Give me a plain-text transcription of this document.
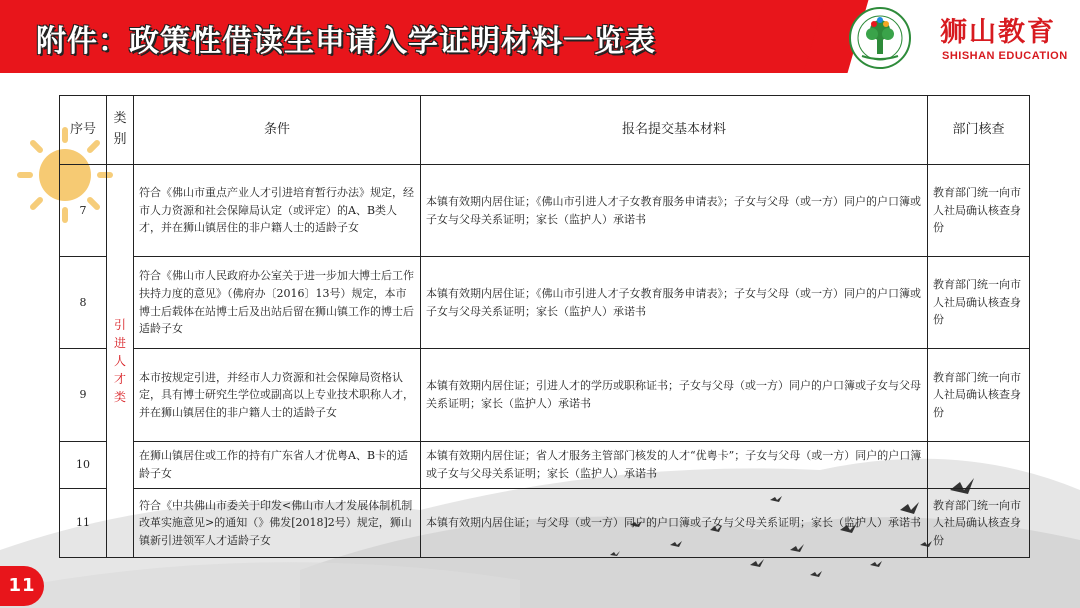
附件：政策性借读生申请入学证明材料一览表	狮山教育
SHISHAN EDUCATION
序号	类别	条件	报名提交基本材料	部门核查
7	引进人才类	符合《佛山市重点产业人才引进培育暂行办法》规定，经市人力资源和社会保障局认定（或评定）的A、B类人才，并在狮山镇居住的非户籍人士的适龄子女	本镇有效期内居住证；《佛山市引进人才子女教育服务申请表》；子女与父母（或一方）同户的户口簿或子女与父母关系证明；家长（监护人）承诺书	教育部门统一向市人社局确认核查身份
8		符合《佛山市人民政府办公室关于进一步加大博士后工作扶持力度的意见》（佛府办〔2016〕13号）规定，本市博士后载体在站博士后及出站后留在狮山镇工作的博士后适龄子女	本镇有效期内居住证；《佛山市引进人才子女教育服务申请表》；子女与父母（或一方）同户的户口簿或子女与父母关系证明；家长（监护人）承诺书	教育部门统一向市人社局确认核查身份
9		本市按规定引进，并经市人力资源和社会保障局资格认定，具有博士研究生学位或副高以上专业技术职称人才，并在狮山镇居住的非户籍人士的适龄子女	本镇有效期内居住证；引进人才的学历或职称证书；子女与父母（或一方）同户的户口簿或子女与父母关系证明；家长（监护人）承诺书	教育部门统一向市人社局确认核查身份
10		在狮山镇居住或工作的持有广东省人才优粤A、B卡的适龄子女	本镇有效期内居住证；省人才服务主管部门核发的人才“优粤卡”；子女与父母（或一方）同户的户口簿或子女与父母关系证明；家长（监护人）承诺书	
11		符合《中共佛山市委关于印发<佛山市人才发展体制机制改革实施意见>的通知（》佛发[2018]2号）规定，狮山镇新引进领军人才适龄子女	本镇有效期内居住证；与父母（或一方）同户的户口簿或子女与父母关系证明；家长（监护人）承诺书	教育部门统一向市人社局确认核查身份
11
